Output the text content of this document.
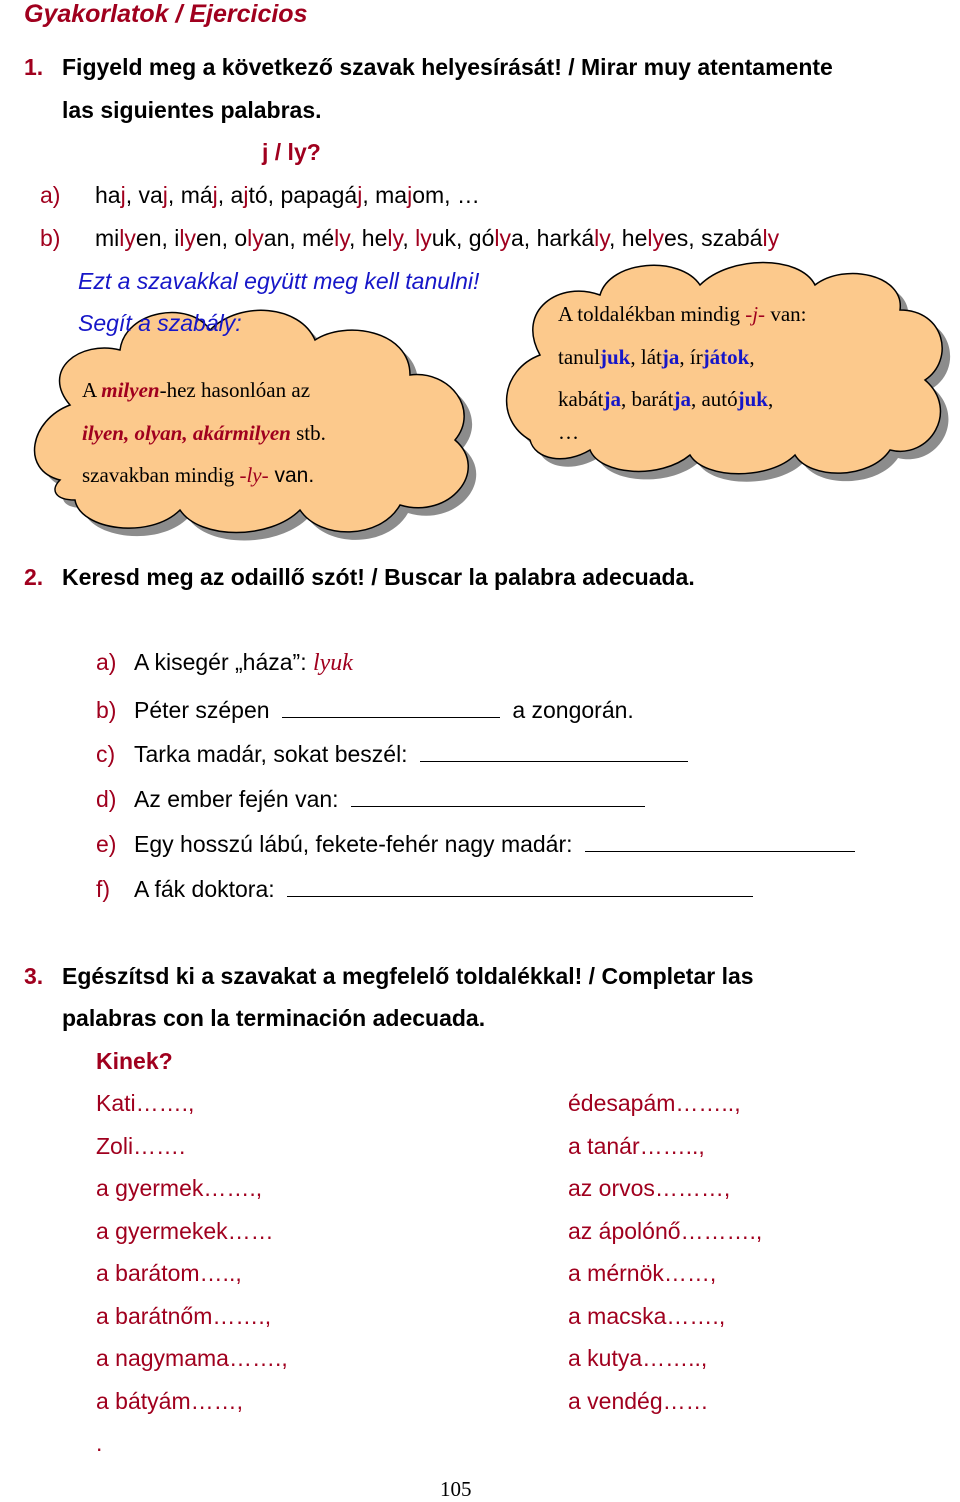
Gyakorlatok / Ejercicios
1. Figyeld meg a következő szavak helyesírását! / Mirar muy atentamente
las siguientes palabras.
j / ly?
a) haj, vaj, máj, ajtó, papagáj, majom, …
b) milyen, ilyen, olyan, mély, hely, lyuk, gólya, harkály, helyes, szabály
Ezt a szavakkal együtt meg kell tanulni!
Segít a szabály:
A milyen-hez hasonlóan az
ilyen, olyan, akármilyen stb.
szavakban mindig -ly- van.
A toldalékban mindig -j- van:
tanuljuk, látja, írjátok,
kabátja, barátja, autójuk,
…
2. Keresd meg az odaillő szót! / Buscar la palabra adecuada.
a) A kisegér „háza”: lyuk
b) Péter szépen	a zongorán.
c) Tarka madár, sokat beszél:
d) Az ember fején van:
e) Egy hosszú lábú, fekete-fehér nagy madár:
f) A fák doktora:
3. Egészítsd ki a szavakat a megfelelő toldalékkal! / Completar las
palabras con la terminación adecuada.
Kinek?
Kati…….,
Zoli…….
a gyermek…….,
a gyermekek……
a barátom…..,
a barátnőm…….,
a nagymama…….,
a bátyám……,
.
édesapám……..,
a tanár……..,
az orvos………,
az ápolónő……….,
a mérnök……,
a macska…….,
a kutya……..,
a vendég……
105
